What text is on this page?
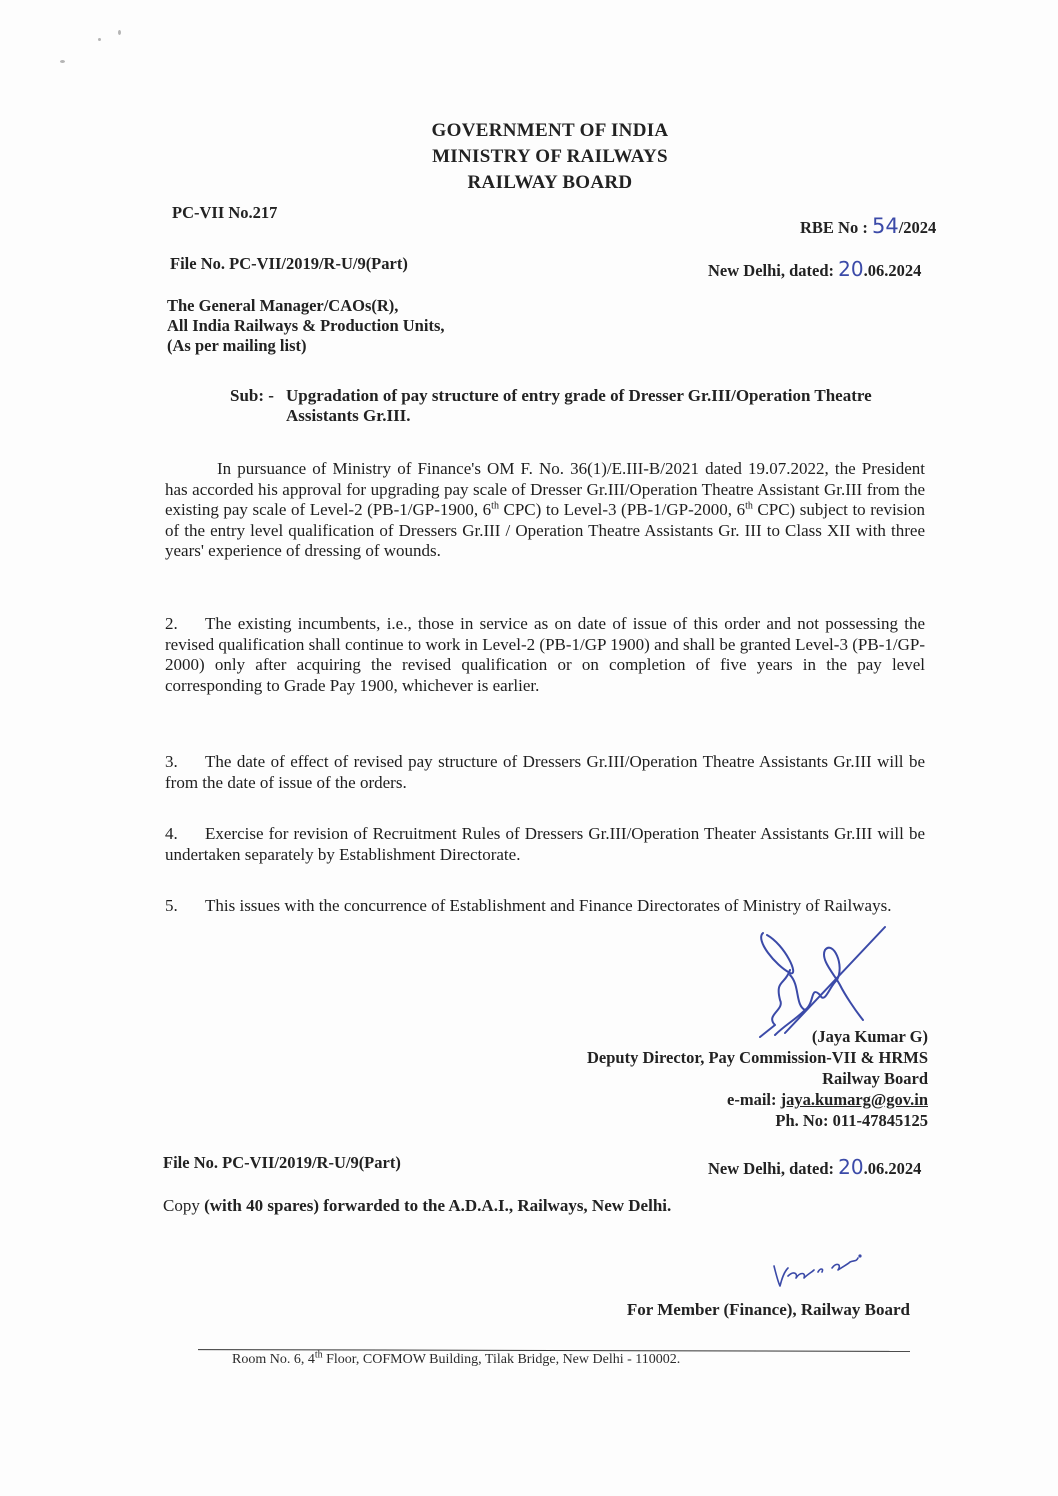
GOVERNMENT OF INDIA
MINISTRY OF RAILWAYS
RAILWAY BOARD
PC-VII No.217
RBE No : 54/2024
File No. PC-VII/2019/R-U/9(Part)	New Delhi, dated: 20.06.2024
The General Manager/CAOs(R),
All India Railways & Production Units,
(As per mailing list)
Sub: - Upgradation of pay structure of entry grade of Dresser Gr.III/Operation Theatre Assistants Gr.III.
In pursuance of Ministry of Finance's OM F. No. 36(1)/E.III-B/2021 dated 19.07.2022, the President has accorded his approval for upgrading pay scale of Dresser Gr.III/Operation Theatre Assistant Gr.III from the existing pay scale of Level-2 (PB-1/GP-1900, 6th CPC) to Level-3 (PB-1/GP-2000, 6th CPC) subject to revision of the entry level qualification of Dressers Gr.III / Operation Theatre Assistants Gr. III to Class XII with three years' experience of dressing of wounds.
2. The existing incumbents, i.e., those in service as on date of issue of this order and not possessing the revised qualification shall continue to work in Level-2 (PB-1/GP 1900) and shall be granted Level-3 (PB-1/GP-2000) only after acquiring the revised qualification or on completion of five years in the pay level corresponding to Grade Pay 1900, whichever is earlier.
3. The date of effect of revised pay structure of Dressers Gr.III/Operation Theatre Assistants Gr.III will be from the date of issue of the orders.
4. Exercise for revision of Recruitment Rules of Dressers Gr.III/Operation Theater Assistants Gr.III will be undertaken separately by Establishment Directorate.
5. This issues with the concurrence of Establishment and Finance Directorates of Ministry of Railways.
(Jaya Kumar G)
Deputy Director, Pay Commission-VII & HRMS
Railway Board
e-mail: jaya.kumarg@gov.in
Ph. No: 011-47845125
File No. PC-VII/2019/R-U/9(Part)	New Delhi, dated: 20.06.2024
Copy (with 40 spares) forwarded to the A.D.A.I., Railways, New Delhi.
For Member (Finance), Railway Board
Room No. 6, 4th Floor, COFMOW Building, Tilak Bridge, New Delhi - 110002.
